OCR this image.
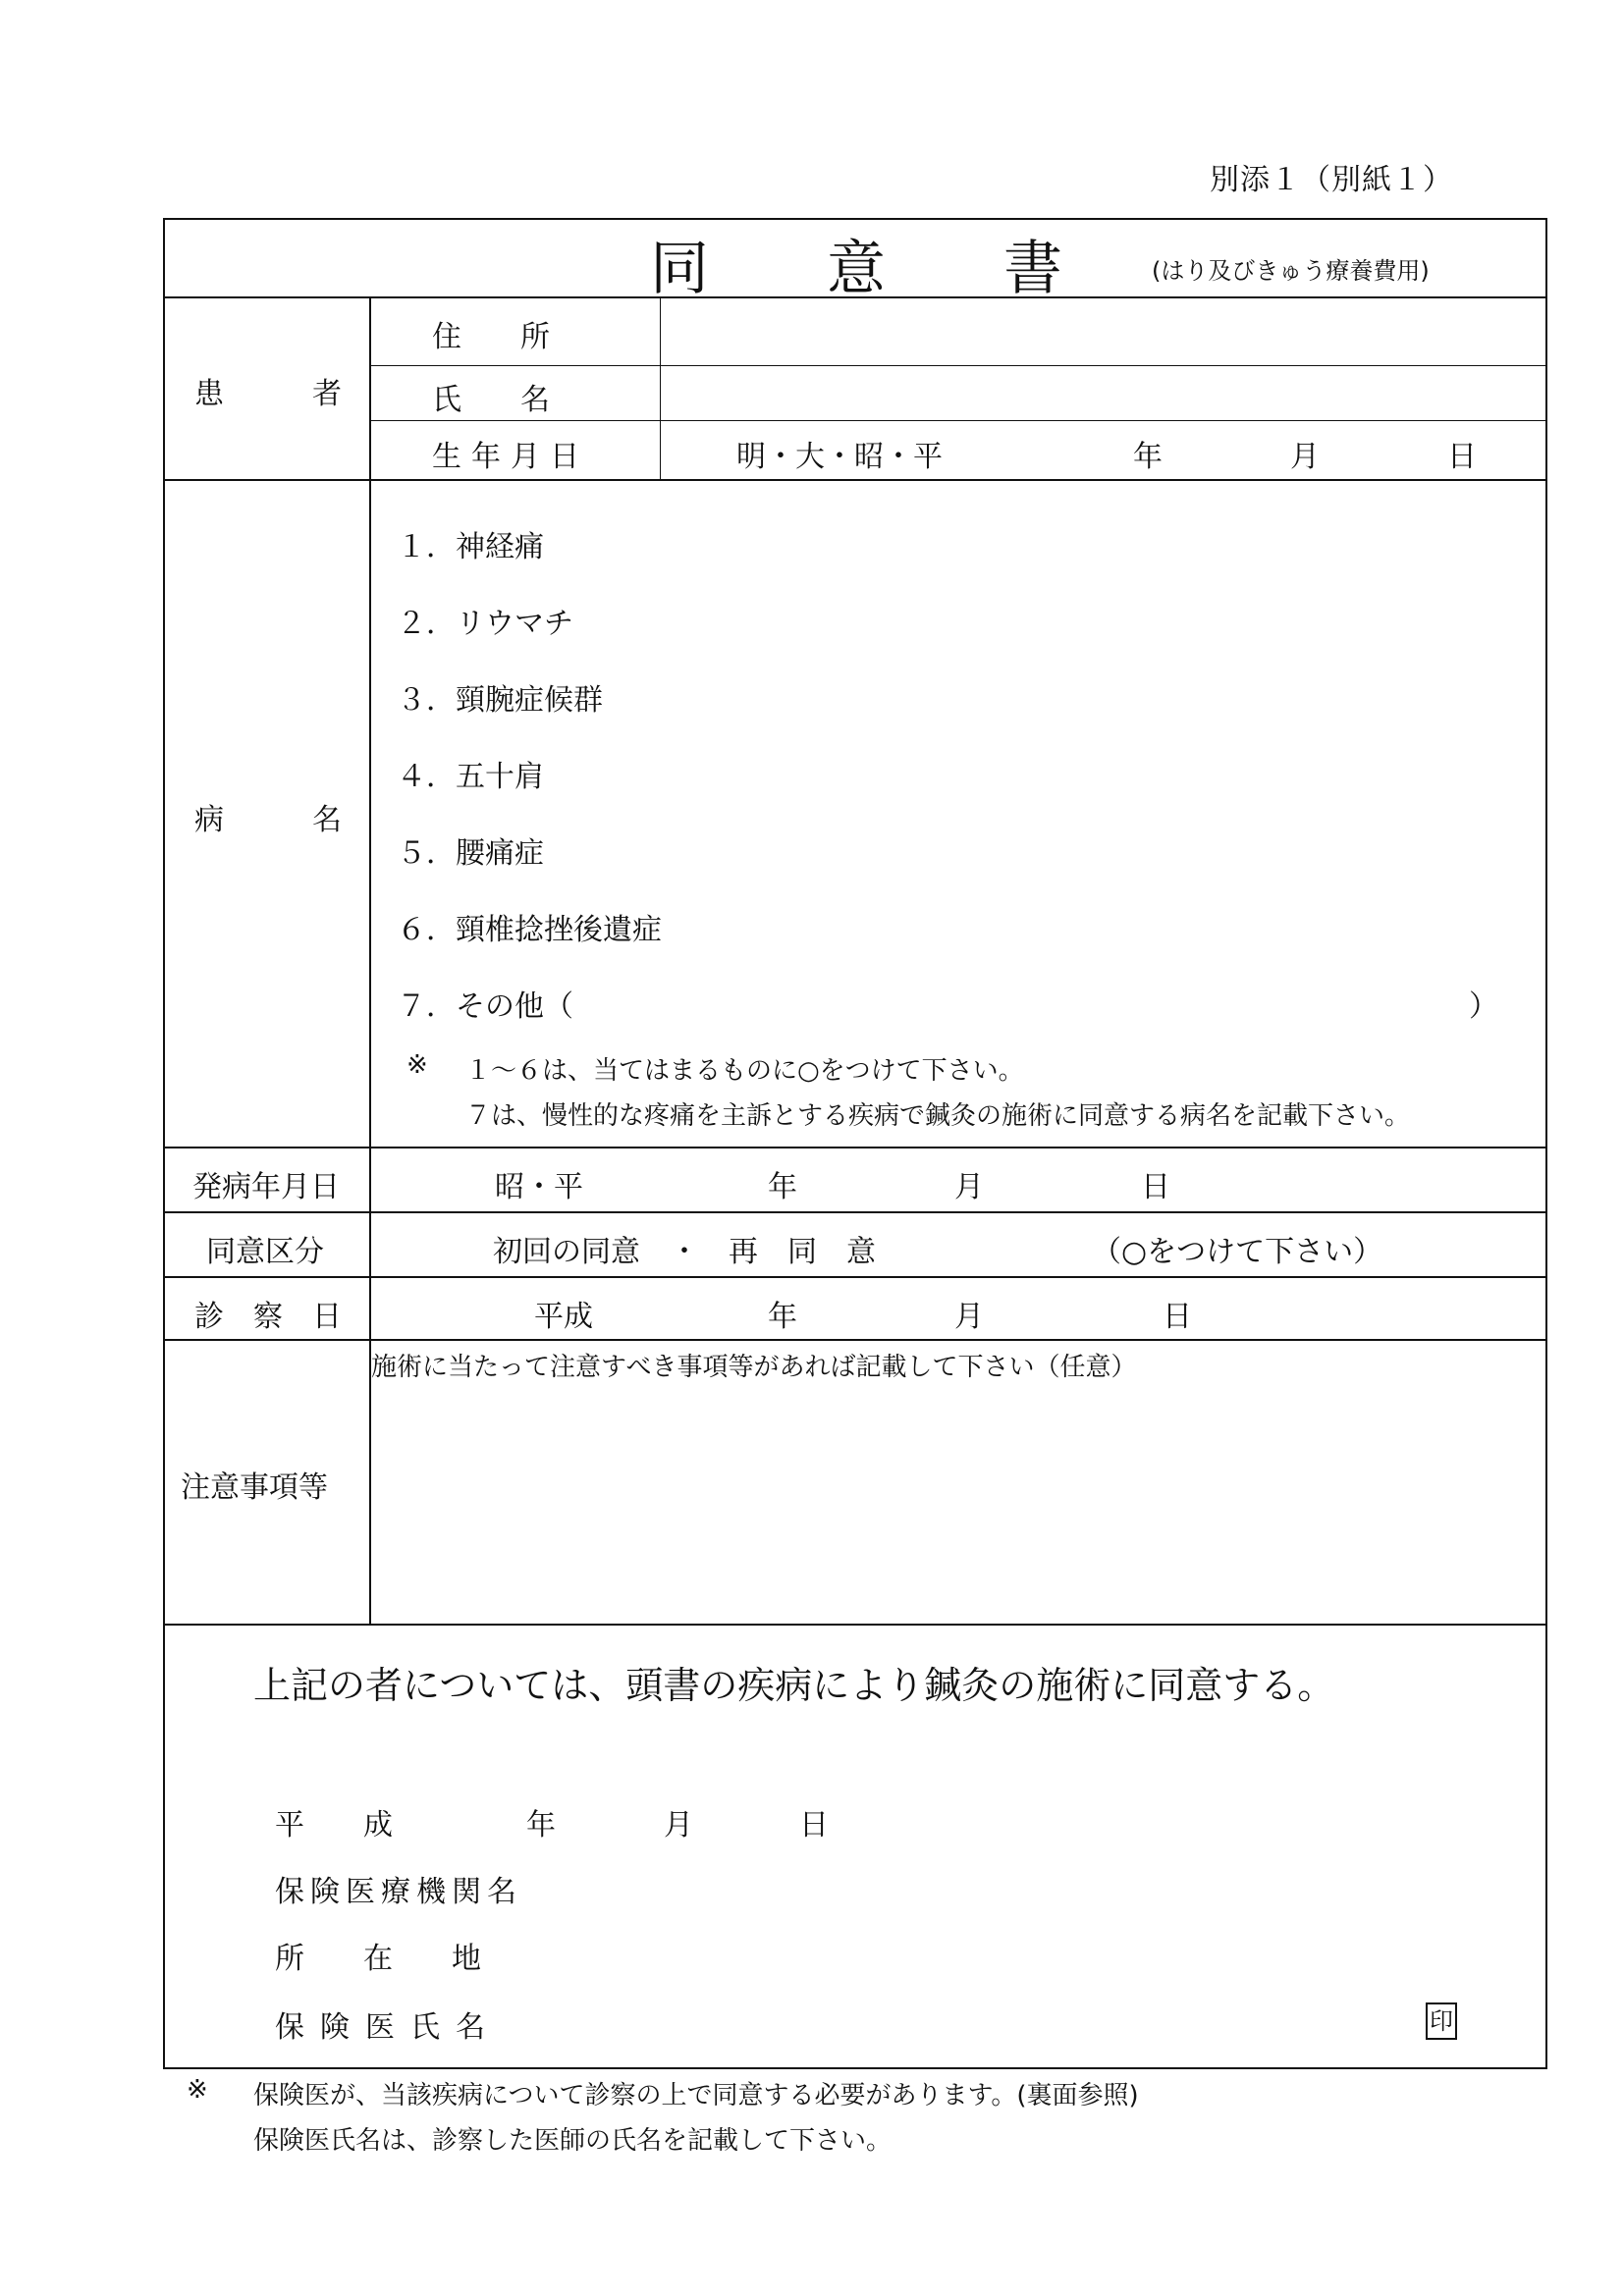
別添１（別紙１）
同　　意　　書	(はり及びきゅう療養費用)
患　　　者
住　　所
氏　　名
生年月日	明・大・昭・平	年	月	日
病　　　名
１．神経痛
２．リウマチ
３．頸腕症候群
４．五十肩
５．腰痛症
６．頸椎捻挫後遺症
７．その他（	）
※ １～６は、当てはまるものに○をつけて下さい。
７は、慢性的な疼痛を主訴とする疾病で鍼灸の施術に同意する病名を記載下さい。
発病年月日	昭・平	年	月	日
同意区分	初回の同意　・　再　同　意	（○をつけて下さい）
診　察　日	平成	年	月	日
注意事項等
施術に当たって注意すべき事項等があれば記載して下さい（任意）
上記の者については、頭書の疾病により鍼灸の施術に同意する。
平　　成	年	月	日
保険医療機関名
所　　在　　地
保険医氏名	印
※ 保険医が、当該疾病について診察の上で同意する必要があります。(裏面参照)
保険医氏名は、診察した医師の氏名を記載して下さい。
